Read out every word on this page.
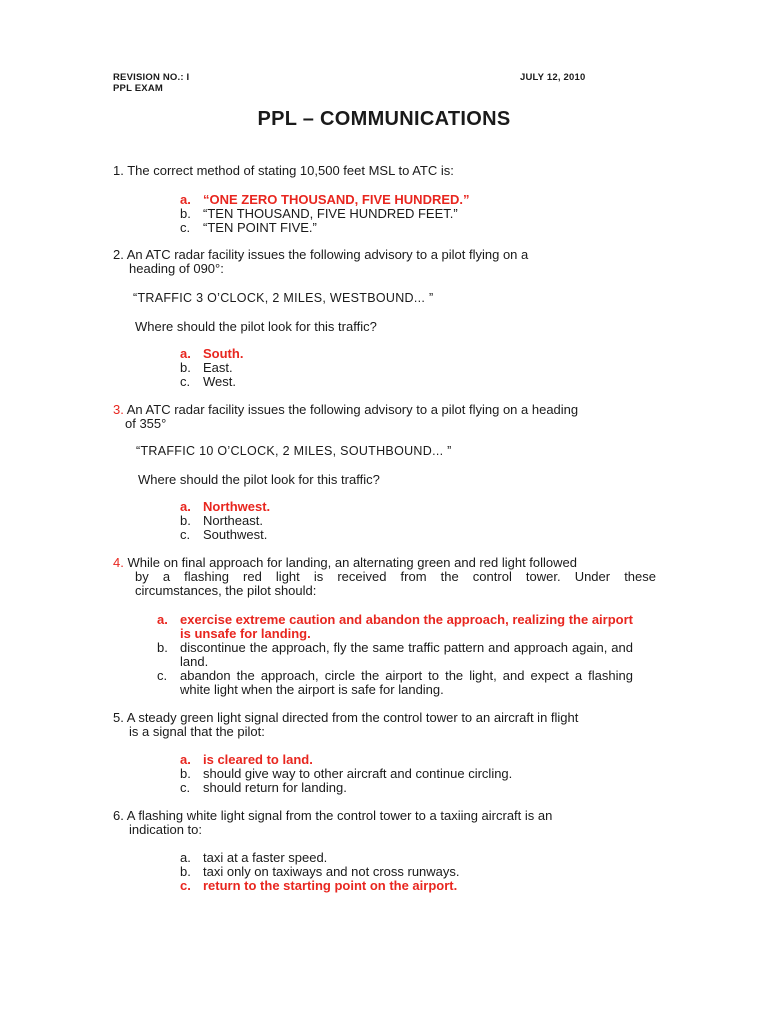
REVISION NO.: I
PPL EXAM
JULY 12, 2010
PPL – COMMUNICATIONS
1. The correct method of stating 10,500 feet MSL to ATC is:
a. “ONE ZERO THOUSAND, FIVE HUNDRED.”
b. “TEN THOUSAND, FIVE HUNDRED FEET.”
c. “TEN POINT FIVE.”
2. An ATC radar facility issues the following advisory to a pilot flying on a
heading of 090°:
“TRAFFIC 3 O’CLOCK, 2 MILES, WESTBOUND... ”
Where should the pilot look for this traffic?
a. South.
b. East.
c. West.
3. An ATC radar facility issues the following advisory to a pilot flying on a heading
of 355°
“TRAFFIC 10 O’CLOCK, 2 MILES, SOUTHBOUND... ”
Where should the pilot look for this traffic?
a. Northwest.
b. Northeast.
c. Southwest.
4. While on final approach for landing, an alternating green and red light followed
by a flashing red light is received from the control tower. Under these
circumstances, the pilot should:
a. exercise extreme caution and abandon the approach, realizing the airport is unsafe for landing.
b. discontinue the approach, fly the same traffic pattern and approach again, and land.
c. abandon the approach, circle the airport to the light, and expect a flashing white light when the airport is safe for landing.
5. A steady green light signal directed from the control tower to an aircraft in flight
is a signal that the pilot:
a. is cleared to land.
b. should give way to other aircraft and continue circling.
c. should return for landing.
6. A flashing white light signal from the control tower to a taxiing aircraft is an
indication to:
a. taxi at a faster speed.
b. taxi only on taxiways and not cross runways.
c. return to the starting point on the airport.
